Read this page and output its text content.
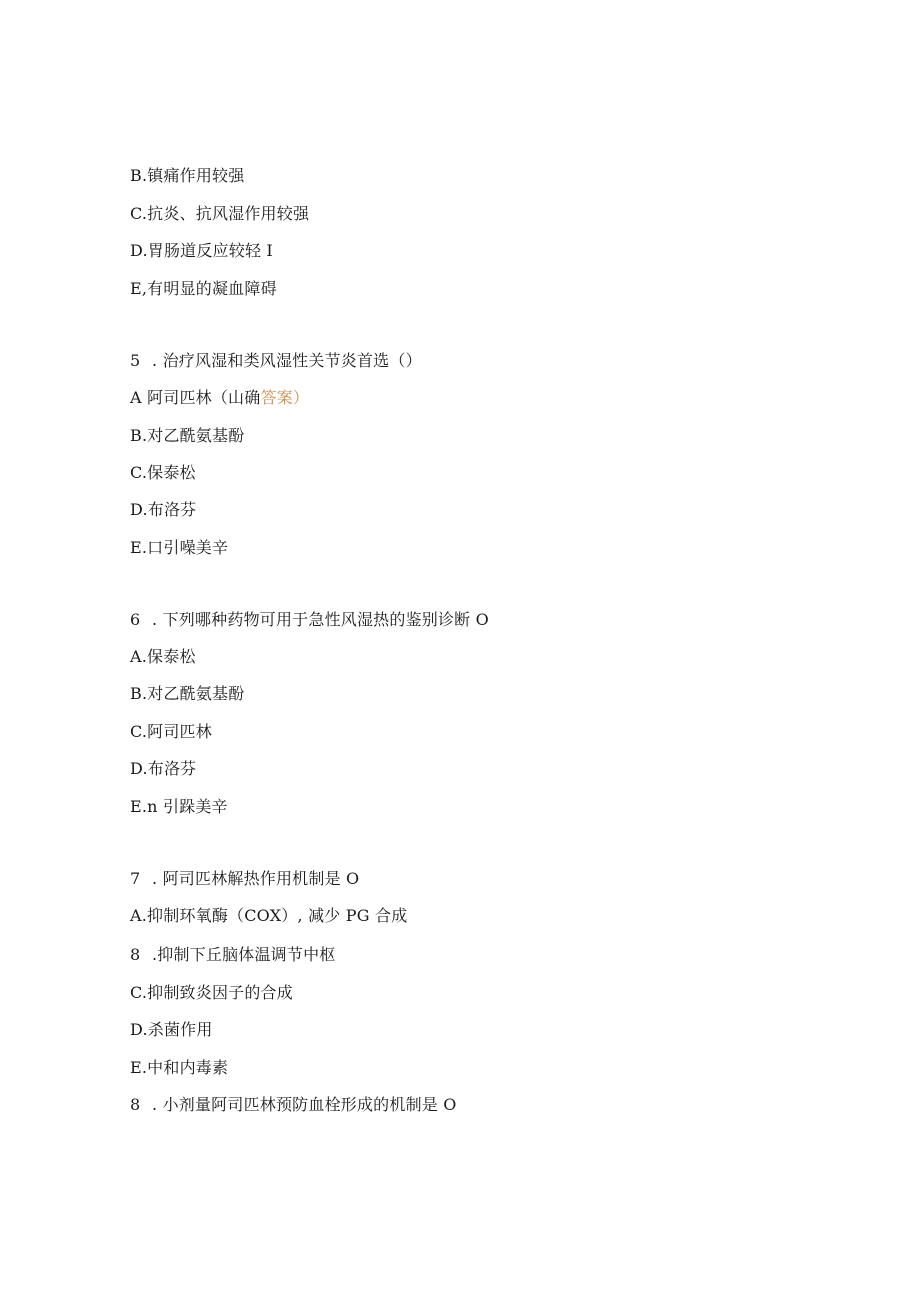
B.镇痛作用较强
C.抗炎、抗风湿作用较强
D.胃肠道反应较轻 I
E,有明显的凝血障碍
5 . 治疗风湿和类风湿性关节炎首选（）
A 阿司匹林（山确答案）
B.对乙酰氨基酚
C.保泰松
D.布洛芬
E.口引噪美辛
6 . 下列哪种药物可用于急性风湿热的鉴别诊断 O
A.保泰松
B.对乙酰氨基酚
C.阿司匹林
D.布洛芬
E.n 引跺美辛
7 . 阿司匹林解热作用机制是 O
A.抑制环氧酶（COX）, 减少 PG 合成
8 .抑制下丘脑体温调节中枢
C.抑制致炎因子的合成
D.杀菌作用
E.中和内毒素
8 . 小剂量阿司匹林预防血栓形成的机制是 O
